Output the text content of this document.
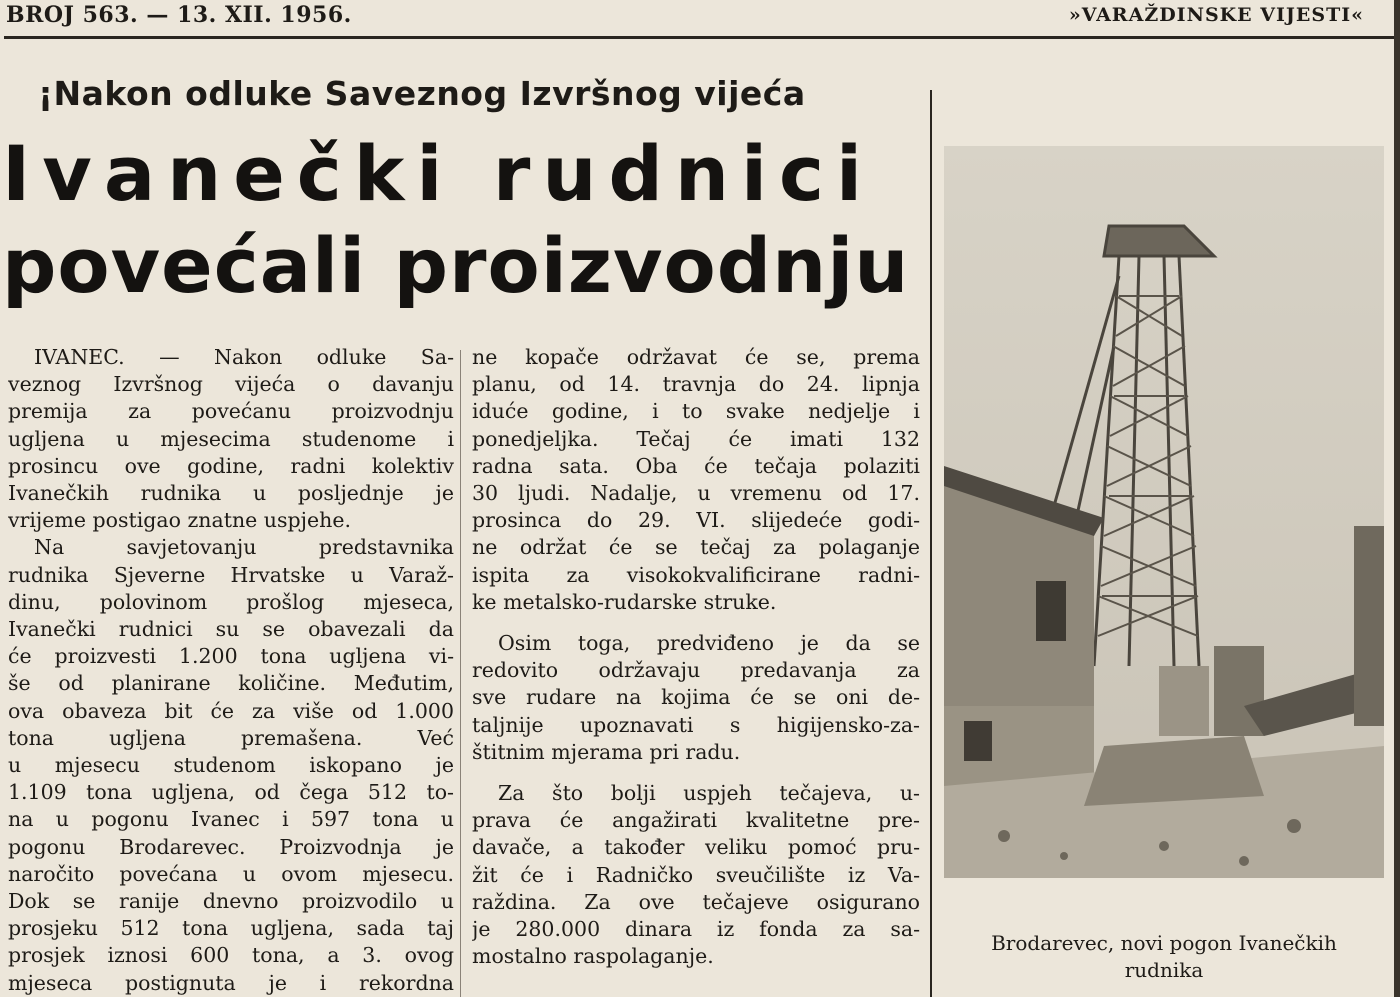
BROJ 563. — 13. XII. 1956.	»VARAŽDINSKE VIJESTI«
¡Nakon odluke Saveznog Izvršnog vijeća
Ivanečki rudnici
povećali proizvodnju
IVANEC. — Nakon odluke Sa-
veznog Izvršnog vijeća o davanju
premija za povećanu proizvodnju
ugljena u mjesecima studenome i
prosincu ove godine, radni kolektiv
Ivanečkih rudnika u posljednje je
vrijeme postigao znatne uspjehe.
Na savjetovanju predstavnika
rudnika Sjeverne Hrvatske u Varaž-
dinu, polovinom prošlog mjeseca,
Ivanečki rudnici su se obavezali da
će proizvesti 1.200 tona ugljena vi-
še od planirane količine. Međutim,
ova obaveza bit će za više od 1.000
tona ugljena premašena. Već
u mjesecu studenom iskopano je
1.109 tona ugljena, od čega 512 to-
na u pogonu Ivanec i 597 tona u
pogonu Brodarevec. Proizvodnja je
naročito povećana u ovom mjesecu.
Dok se ranije dnevno proizvodilo u
prosjeku 512 tona ugljena, sada taj
prosjek iznosi 600 tona, a 3. ovog
mjeseca postignuta je i rekordna
ne kopače održavat će se, prema
planu, od 14. travnja do 24. lipnja
iduće godine, i to svake nedjelje i
ponedjeljka. Tečaj će imati 132
radna sata. Oba će tečaja polaziti
30 ljudi. Nadalje, u vremenu od 17.
prosinca do 29. VI. slijedeće godi-
ne održat će se tečaj za polaganje
ispita za visokokvalificirane radni-
ke metalsko-rudarske struke.
Osim toga, predviđeno je da se
redovito održavaju predavanja za
sve rudare na kojima će se oni de-
taljnije upoznavati s higijensko-za-
štitnim mjerama pri radu.
Za što bolji uspjeh tečajeva, u-
prava će angažirati kvalitetne pre-
davače, a također veliku pomoć pru-
žit će i Radničko sveučilište iz Va-
raždina. Za ove tečajeve osigurano
je 280.000 dinara iz fonda za sa-
mostalno raspolaganje.
Brodarevec, novi pogon Ivanečkih
rudnika
